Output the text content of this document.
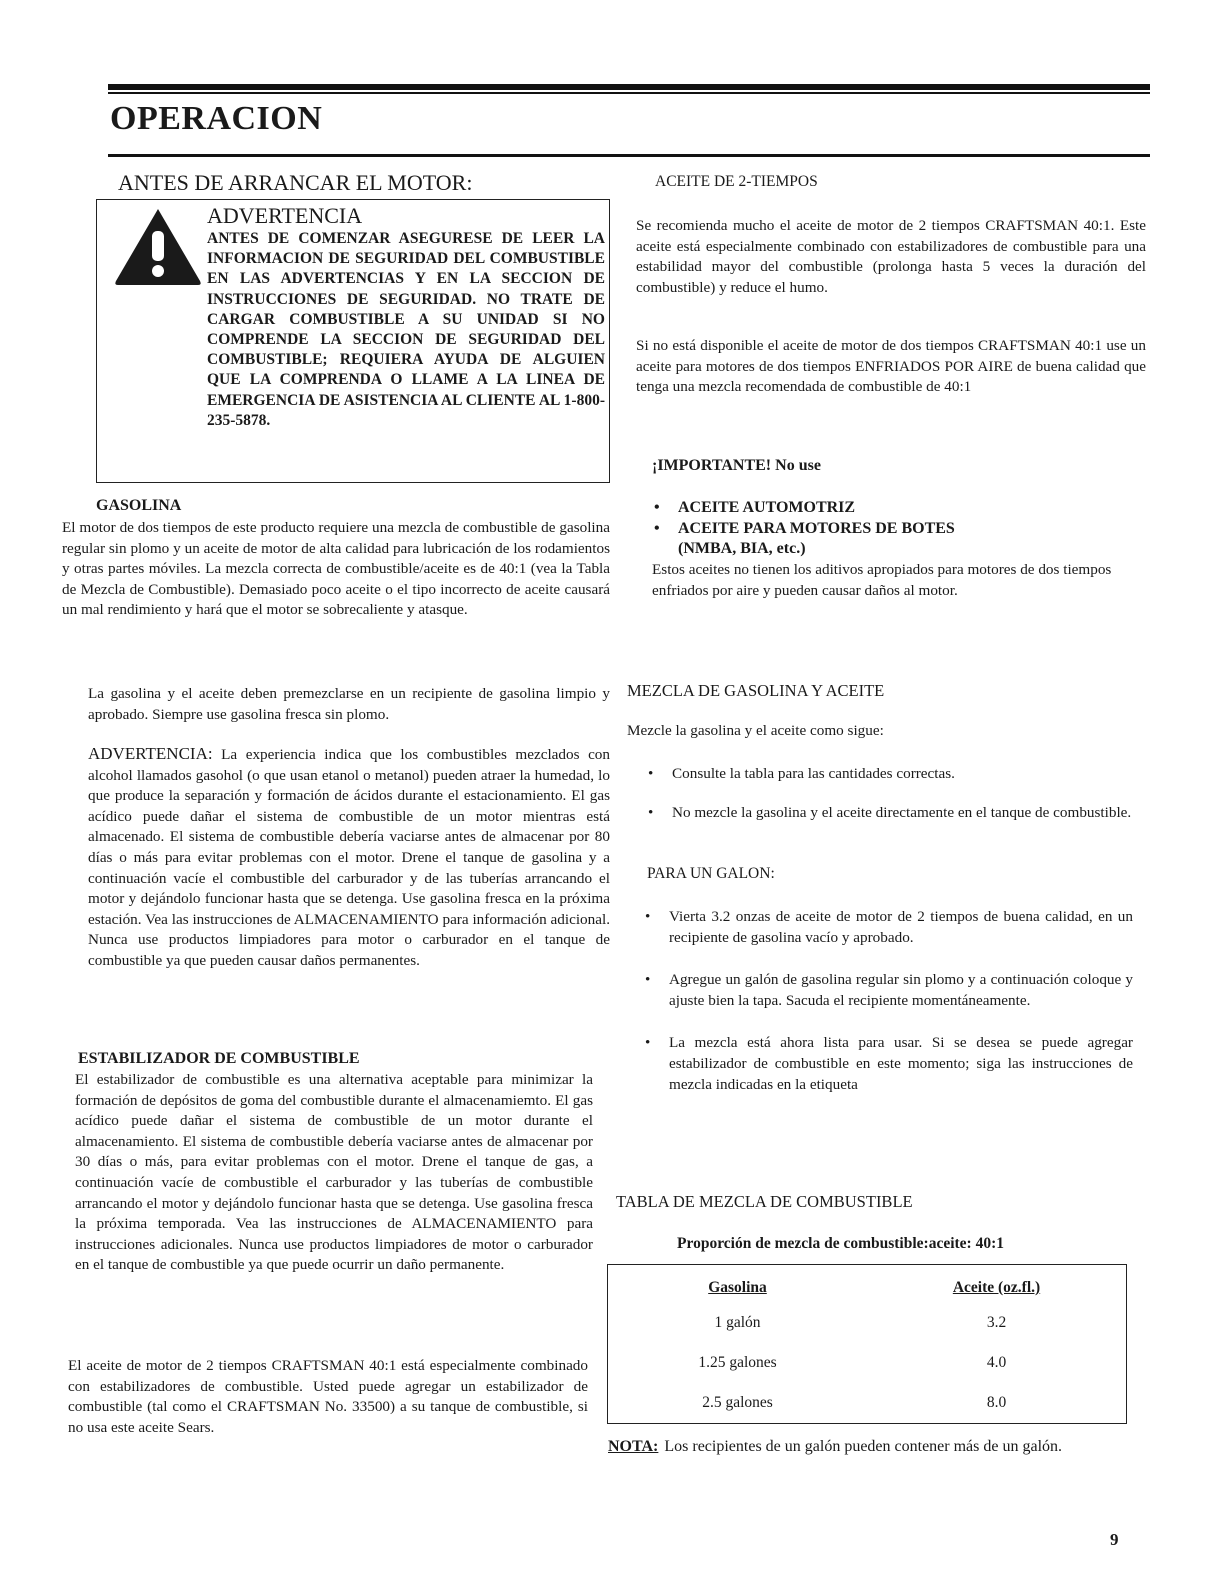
OPERACION
ANTES DE ARRANCAR EL MOTOR:
ADVERTENCIA
ANTES DE COMENZAR ASEGURESE DE LEER LA INFORMACION DE SEGURIDAD DEL COMBUSTIBLE EN LAS ADVERTENCIAS Y EN LA SECCION DE INSTRUCCIONES DE SEGURIDAD. NO TRATE DE CARGAR COMBUSTIBLE A SU UNIDAD SI NO COMPRENDE LA SECCION DE SEGURIDAD DEL COMBUSTIBLE; REQUIERA AYUDA DE ALGUIEN QUE LA COMPRENDA O LLAME A LA LINEA DE EMERGENCIA DE ASISTENCIA AL CLIENTE AL 1-800-235-5878.
GASOLINA

El motor de dos tiempos de este producto requiere una mezcla de combustible de gasolina regular sin plomo y un aceite de motor de alta calidad para lubricación de los rodamientos y otras partes móviles. La mezcla correcta de combustible/aceite es de 40:1 (vea la Tabla de Mezcla de Combustible). Demasiado poco aceite o el tipo incorrecto de aceite causará un mal rendimiento y hará que el motor se sobrecaliente y atasque.

La gasolina y el aceite deben premezclarse en un recipiente de gasolina limpio y aprobado. Siempre use gasolina fresca sin plomo.

ADVERTENCIA: La experiencia indica que los combustibles mezclados con alcohol llamados gasohol (o que usan etanol o metanol) pueden atraer la humedad, lo que produce la separación y formación de ácidos durante el estacionamiento. El gas acídico puede dañar el sistema de combustible de un motor mientras está almacenado. El sistema de combustible debería vaciarse antes de almacenar por 80 días o más para evitar problemas con el motor. Drene el tanque de gasolina y a continuación vacíe el combustible del carburador y de las tuberías arrancando el motor y dejándolo funcionar hasta que se detenga. Use gasolina fresca en la próxima estación. Vea las instrucciones de ALMACENAMIENTO para información adicional. Nunca use productos limpiadores para motor o carburador en el tanque de combustible ya que pueden causar daños permanentes.

ESTABILIZADOR DE COMBUSTIBLE

El estabilizador de combustible es una alternativa aceptable para minimizar la formación de depósitos de goma del combustible durante el almacenamiemto. El gas acídico puede dañar el sistema de combustible de un motor durante el almacenamiento. El sistema de combustible debería vaciarse antes de almacenar por 30 días o más, para evitar problemas con el motor. Drene el tanque de gas, a continuación vacíe de combustible el carburador y las tuberías de combustible arrancando el motor y dejándolo funcionar hasta que se detenga. Use gasolina fresca la próxima temporada. Vea las instrucciones de ALMACENAMIENTO para instrucciones adicionales. Nunca use productos limpiadores de motor o carburador en el tanque de combustible ya que puede ocurrir un daño permanente.

El aceite de motor de 2 tiempos CRAFTSMAN 40:1 está especialmente combinado con estabilizadores de combustible. Usted puede agregar un estabilizador de combustible (tal como el CRAFTSMAN No. 33500) a su tanque de combustible, si no usa este aceite Sears.

ACEITE DE 2-TIEMPOS

Se recomienda mucho el aceite de motor de 2 tiempos CRAFTSMAN 40:1. Este aceite está especialmente combinado con estabilizadores de combustible para una estabilidad mayor del combustible (prolonga hasta 5 veces la duración del combustible) y reduce el humo.

Si no está disponible el aceite de motor de dos tiempos CRAFTSMAN 40:1 use un aceite para motores de dos tiempos ENFRIADOS POR AIRE de buena calidad que tenga una mezcla recomendada de combustible de 40:1

¡IMPORTANTE! No use
• ACEITE AUTOMOTRIZ
• ACEITE PARA MOTORES DE BOTES
(NMBA, BIA, etc.)

Estos aceites no tienen los aditivos apropiados para motores de dos tiempos enfriados por aire y pueden causar daños al motor.

MEZCLA DE GASOLINA Y ACEITE
Mezcle la gasolina y el aceite como sigue:
•	Consulte la tabla para las cantidades correctas.
•	No mezcle la gasolina y el aceite directamente en el tanque de combustible.
PARA UN GALON:
•	Vierta 3.2 onzas de aceite de motor de 2 tiempos de buena calidad, en un recipiente de gasolina vacío y aprobado.
•	Agregue un galón de gasolina regular sin plomo y a continuación coloque y ajuste bien la tapa. Sacuda el recipiente momentáneamente.
•	La mezcla está ahora lista para usar. Si se desea se puede agregar estabilizador de combustible en este momento; siga las instrucciones de mezcla indicadas en la etiqueta
TABLA DE MEZCLA DE COMBUSTIBLE
Proporción de mezcla de combustible:aceite: 40:1
Gasolina	Aceite (oz.fl.)
1 galón	3.2
1.25 galones	4.0
2.5 galones	8.0
NOTA: Los recipientes de un galón pueden contener más de un galón.
9
